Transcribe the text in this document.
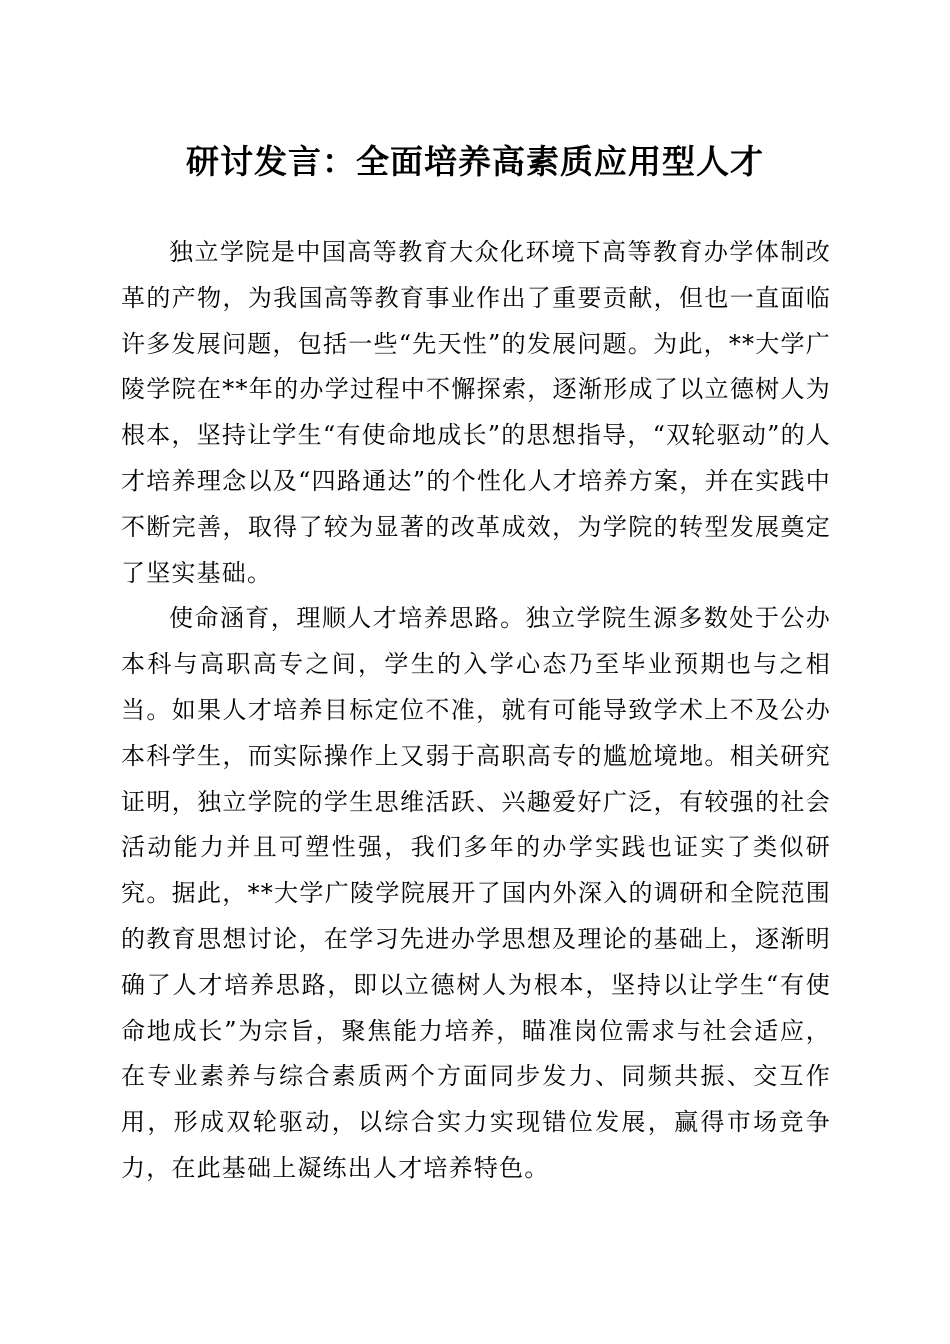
研讨发言：全面培养高素质应用型人才

独立学院是中国高等教育大众化环境下高等教育办学体制改革的产物，为我国高等教育事业作出了重要贡献，但也一直面临许多发展问题，包括一些“先天性”的发展问题。为此，**大学广陵学院在**年的办学过程中不懈探索，逐渐形成了以立德树人为根本，坚持让学生“有使命地成长”的思想指导，“双轮驱动”的人才培养理念以及“四路通达”的个性化人才培养方案，并在实践中不断完善，取得了较为显著的改革成效，为学院的转型发展奠定了坚实基础。

使命涵育，理顺人才培养思路。独立学院生源多数处于公办本科与高职高专之间，学生的入学心态乃至毕业预期也与之相当。如果人才培养目标定位不准，就有可能导致学术上不及公办本科学生，而实际操作上又弱于高职高专的尴尬境地。相关研究证明，独立学院的学生思维活跃、兴趣爱好广泛，有较强的社会活动能力并且可塑性强，我们多年的办学实践也证实了类似研究。据此，**大学广陵学院展开了国内外深入的调研和全院范围的教育思想讨论，在学习先进办学思想及理论的基础上，逐渐明确了人才培养思路，即以立德树人为根本，坚持以让学生“有使命地成长”为宗旨，聚焦能力培养，瞄准岗位需求与社会适应，在专业素养与综合素质两个方面同步发力、同频共振、交互作用，形成双轮驱动，以综合实力实现错位发展，赢得市场竞争力，在此基础上凝练出人才培养特色。
